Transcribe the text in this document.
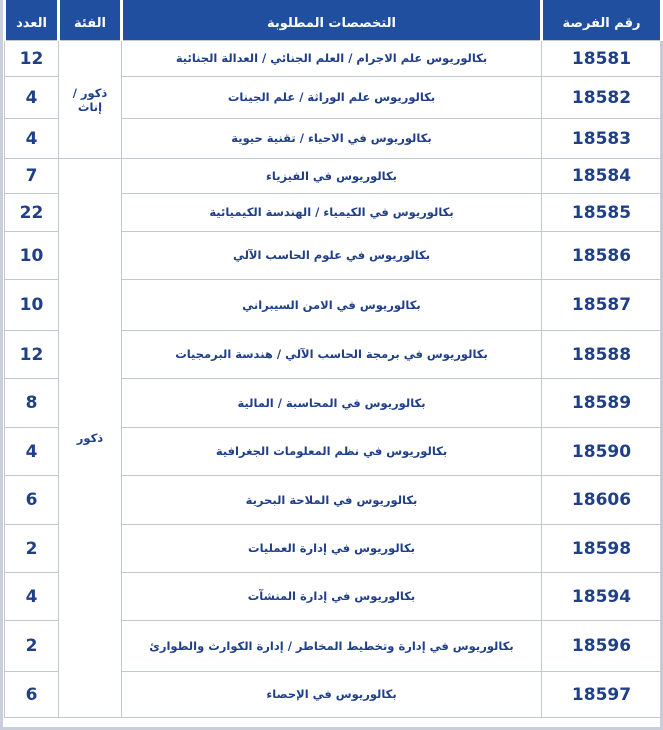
رقم الفرصة	التخصصات المطلوبة	الفئة	العدد
18581	بكالوريوس علم الاجرام / العلم الجنائي / العدالة الجنائية	ذكور / إناث	12
18582	بكالوريوس علم الوراثة / علم الجينات		4
18583	بكالوريوس في الاحياء / تقنية حيوية		4
18584	بكالوريوس في الفيزياء	ذكور	7
18585	بكالوريوس في الكيمياء / الهندسة الكيميائية		22
18586	بكالوريوس في علوم الحاسب الآلي		10
18587	بكالوريوس في الامن السيبراني		10
18588	بكالوريوس في برمجة الحاسب الآلي / هندسة البرمجيات		12
18589	بكالوريوس في المحاسبة / المالية		8
18590	بكالوريوس في نظم المعلومات الجغرافية		4
18606	بكالوريوس في الملاحة البحرية		6
18598	بكالوريوس في إدارة العمليات		2
18594	بكالوريوس في إدارة المنشآت		4
18596	بكالوريوس في إدارة وتخطيط المخاطر / إدارة الكوارث والطوارئ		2
18597	بكالوريوس في الإحصاء		6
